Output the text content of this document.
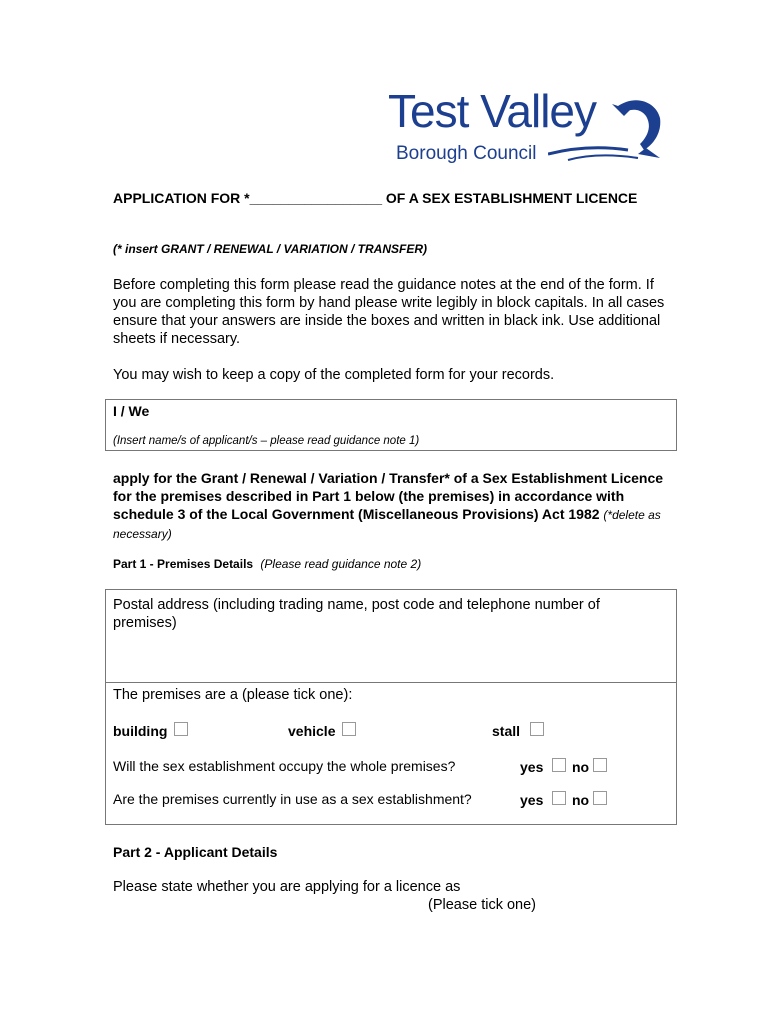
Test Valley
Borough Council
APPLICATION FOR *_________________ OF A SEX ESTABLISHMENT LICENCE
(* insert GRANT / RENEWAL / VARIATION / TRANSFER)
Before completing this form please read the guidance notes at the end of the form. If you are completing this form by hand please write legibly in block capitals. In all cases ensure that your answers are inside the boxes and written in black ink. Use additional sheets if necessary.
You may wish to keep a copy of the completed form for your records.
I / We
(Insert name/s of applicant/s – please read guidance note 1)
apply for the Grant / Renewal / Variation / Transfer* of a Sex Establishment Licence for the premises described in Part 1 below (the premises) in accordance with schedule 3 of the Local Government (Miscellaneous Provisions) Act 1982 (*delete as necessary)
Part 1 - Premises Details (Please read guidance note 2)
Postal address (including trading name, post code and telephone number of premises)
The premises are a (please tick one):
building	vehicle	stall
Will the sex establishment occupy the whole premises?	yes no
Are the premises currently in use as a sex establishment?	yes no
Part 2 - Applicant Details
Please state whether you are applying for a licence as
(Please tick one)
